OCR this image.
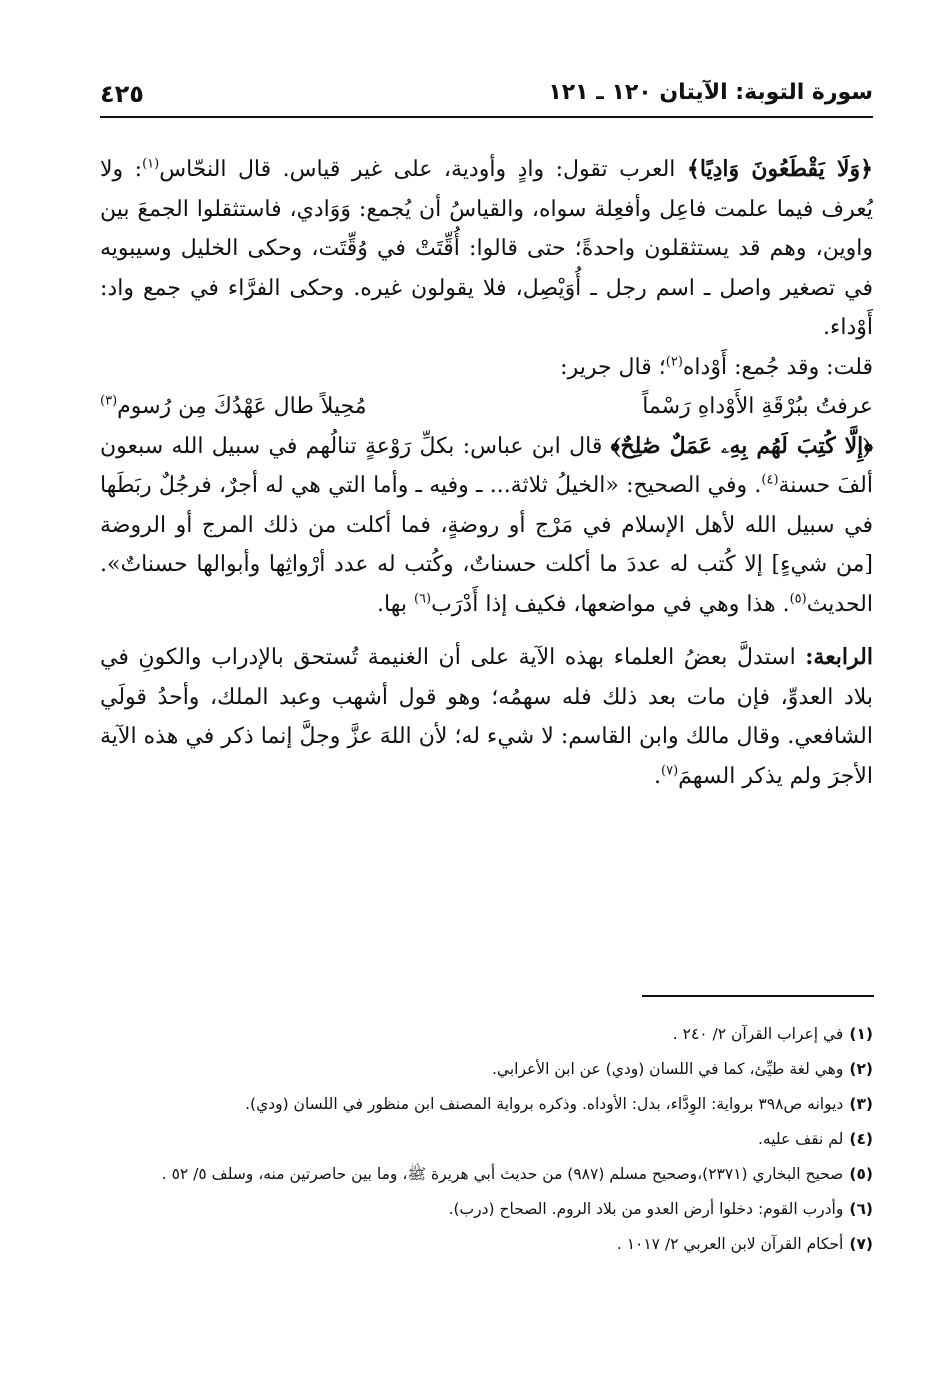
سورة التوبة: الآيتان ١٢٠ ـ ١٢١
٤٢٥

﴿وَلَا يَقْطَعُونَ وَادِيًا﴾ العرب تقول: وادٍ وأودية، على غير قياس. قال النحّاس$^{(١)}$: ولا يُعرف فيما علمت فاعِل وأفعِلة سواه، والقياسُ أن يُجمع: وَوَادي، فاستثقلوا الجمعَ بين واوين، وهم قد يستثقلون واحدةً؛ حتى قالوا: أُقِّتَتْ في وُقِّتَت، وحكى الخليل وسيبويه في تصغير واصل ـ اسم رجل ـ أُوَيْصِل، فلا يقولون غيره. وحكى الفرَّاء في جمع واد: أَوْداء.

قلت: وقد جُمع: أَوْداه$^{(٢)}$؛ قال جرير:

عرفتُ ببُرْقَةِ الأَوْداهِ رَسْماً
مُحِيلاً طال عَهْدُكَ مِن رُسوم$^{(٣)}$

﴿إِلَّا كُتِبَ لَهُم بِهِۦ عَمَلٌ صَٰلِحٌ﴾ قال ابن عباس: بكلِّ رَوْعةٍ تنالُهم في سبيل الله سبعون ألفَ حسنة$^{(٤)}$. وفي الصحيح: «الخيلُ ثلاثة... ـ وفيه ـ وأما التي هي له أجرٌ، فرجُلٌ ربَطَها في سبيل الله لأهل الإسلام في مَرْج أو روضةٍ، فما أكلت من ذلك المرج أو الروضة [من شيءٍ] إلا كُتب له عددَ ما أكلت حسناتٌ، وكُتب له عدد أرْواثِها وأبوالها حسناتٌ». الحديث$^{(٥)}$. هذا وهي في مواضعها، فكيف إذا أَدْرَب$^{(٦)}$ بها.

الرابعة: استدلَّ بعضُ العلماء بهذه الآية على أن الغنيمة تُستحق بالإدراب والكونِ في بلاد العدوِّ، فإن مات بعد ذلك فله سهمُه؛ وهو قول أشهب وعبد الملك، وأحدُ قولَي الشافعي. وقال مالك وابن القاسم: لا شيء له؛ لأن اللهَ عزَّ وجلَّ إنما ذكر في هذه الآية الأجرَ ولم يذكر السهمَ$^{(٧)}$.

(١)في إعراب القرآن ٢/ ٢٤٠ .

(٢)وهي لغة طيِّئ، كما في اللسان (ودي) عن ابن الأعرابي.

(٣)ديوانه ص٣٩٨ برواية: الوِدَّاء، بدل: الأوداه. وذكره برواية المصنف ابن منظور في اللسان (ودي).

(٤)لم نقف عليه.

(٥)صحيح البخاري (٢٣٧١)،وصحيح مسلم (٩٨٧) من حديث أبي هريرة ﷺ، وما بين حاصرتين منه، وسلف ٥/ ٥٢ .

(٦)وأدرب القوم: دخلوا أرض العدو من بلاد الروم. الصحاح (درب).

(٧)أحكام القرآن لابن العربي ٢/ ١٠١٧ .
